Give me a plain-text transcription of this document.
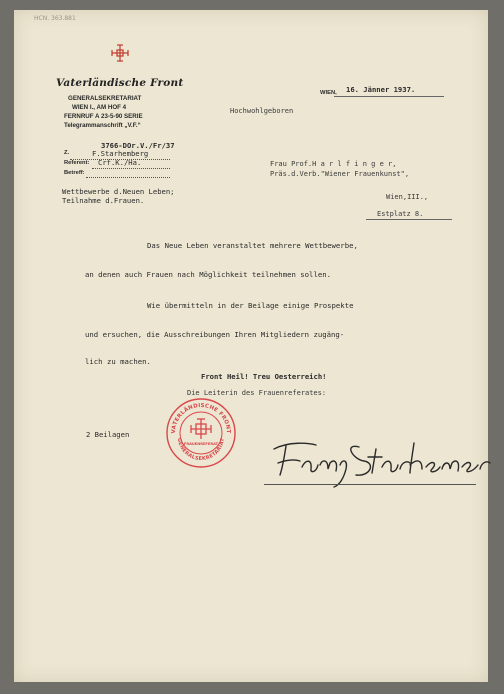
HCN. 363.881
Vaterländische Front
GENERALSEKRETARIAT
WIEN I., AM HOF 4
FERNRUF A 23-5-90 SERIE
Telegrammanschrift „V.F.“
3766-DOr.V./Fr/37
Z.	F.Starhemberg
Referent: Crf.K./Ha.
Betreff:
Wettbewerbe d.Neuen Leben;
Teilnahme d.Frauen.
WIEN, 16. Jänner 1937.
Hochwohlgeboren
Frau Prof.H a r l f i n g e r,
Präs.d.Verb."Wiener Frauenkunst",
Wien,III.,
Estplatz 8.
Das Neue Leben veranstaltet mehrere Wettbewerbe,
an denen auch Frauen nach Möglichkeit teilnehmen sollen.
Wie übermitteln in der Beilage einige Prospekte
und ersuchen, die Ausschreibungen Ihren Mitgliedern zugäng-
lich zu machen.
Front Heil! Treu Oesterreich!
Die Leiterin des Frauenreferates:
2 Beilagen	VATERLÄNDISCHE FRONT
GENERALSEKRETARIAT
FRAUENREFERAT
